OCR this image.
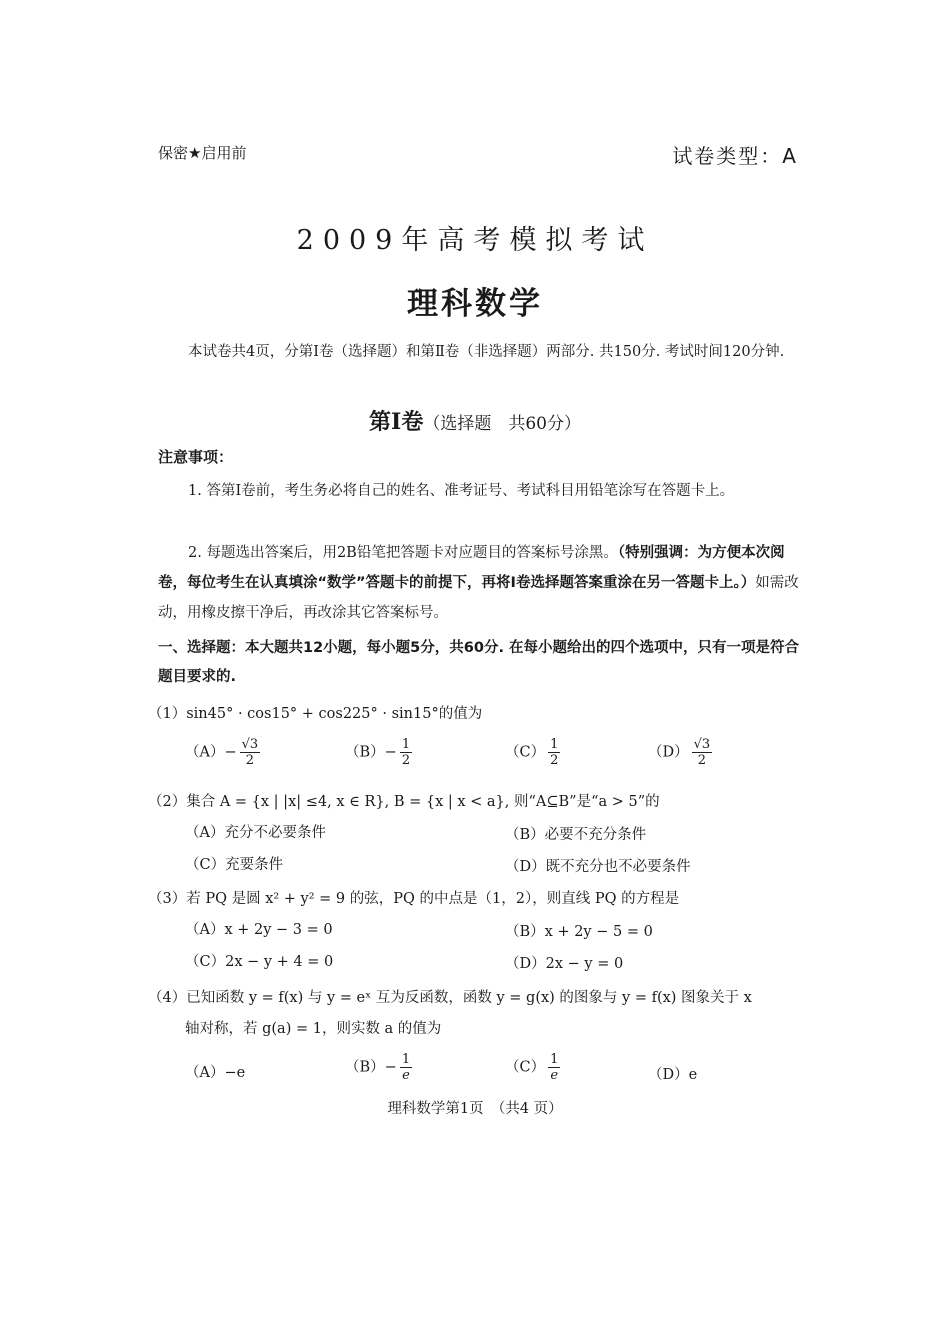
保密★启用前	试卷类型：A
2009年高考模拟考试
理科数学
本试卷共4页，分第Ⅰ卷（选择题）和第Ⅱ卷（非选择题）两部分. 共150分. 考试时间120分钟.
第Ⅰ卷（选择题　共60分）
注意事项：
1. 答第Ⅰ卷前，考生务必将自己的姓名、准考证号、考试科目用铅笔涂写在答题卡上。
2. 每题选出答案后，用2B铅笔把答题卡对应题目的答案标号涂黑。（特别强调：为方便本次阅卷，每位考生在认真填涂“数学”答题卡的前提下，再将Ⅰ卷选择题答案重涂在另一答题卡上。）如需改动，用橡皮擦干净后，再改涂其它答案标号。
一、选择题：本大题共12小题，每小题5分，共60分. 在每小题给出的四个选项中，只有一项是符合题目要求的.
（1）sin45° · cos15° + cos225° · sin15°的值为
$(A)- \frac{√3}{2}$	$(B)- \frac{1}{2}$	$(C) \frac{1}{2}$	$(D) \frac{√3}{2}$
（2）集合 A = {x | |x| ≤4, x ∈ R}, B = {x | x < a}, 则“A⊆B”是“a > 5”的
（A）充分不必要条件	（B）必要不充分条件
（C）充要条件	（D）既不充分也不必要条件
（3）若 PQ 是圆 x² + y² = 9 的弦，PQ 的中点是（1，2），则直线 PQ 的方程是
（A）x + 2y − 3 = 0	（B）x + 2y − 5 = 0
（C）2x − y + 4 = 0	（D）2x − y = 0
（4）已知函数 y = f(x) 与 y = eˣ 互为反函数，函数 y = g(x) 的图象与 y = f(x) 图象关于 x
轴对称，若 g(a) = 1，则实数 a 的值为
（A）−e	$(B)- \frac{1}{e}$	$(C) \frac{1}{e}$	（D）e
理科数学第1页　（共4 页）
